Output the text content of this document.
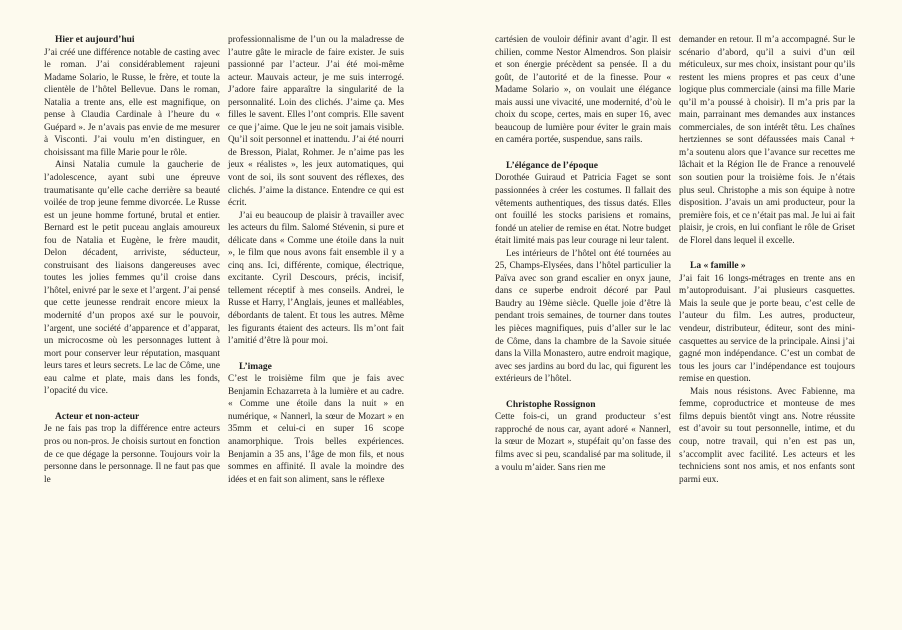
Hier et aujourd’hui

J’ai créé une différence notable de casting avec le roman. J’ai considérablement rajeuni Madame Solario, le Russe, le frère, et toute la clientèle de l’hôtel Bellevue. Dans le roman, Natalia a trente ans, elle est magnifique, on pense à Claudia Cardinale à l’heure du « Guépard ». Je n’avais pas envie de me mesurer à Visconti. J’ai voulu m’en distinguer, en choisissant ma fille Marie pour le rôle.

Ainsi Natalia cumule la gaucherie de l’adolescence, ayant subi une épreuve traumatisante qu’elle cache derrière sa beauté voilée de trop jeune femme divorcée. Le Russe est un jeune homme fortuné, brutal et entier. Bernard est le petit puceau anglais amoureux fou de Natalia et Eugène, le frère maudit, Delon décadent, arriviste, séducteur, construisant des liaisons dangereuses avec toutes les jolies femmes qu’il croise dans l’hôtel, enivré par le sexe et l’argent. J’ai pensé que cette jeunesse rendrait encore mieux la modernité d’un propos axé sur le pouvoir, l’argent, une société d’apparence et d’apparat, un microcosme où les personnages luttent à mort pour conserver leur réputation, masquant leurs tares et leurs secrets. Le lac de Côme, une eau calme et plate, mais dans les fonds, l’opacité du vice.

Acteur et non-acteur

Je ne fais pas trop la différence entre acteurs pros ou non-pros. Je choisis surtout en fonction de ce que dégage la personne. Toujours voir la personne dans le personnage. Il ne faut pas que le

professionnalisme de l’un ou la maladresse de l’autre gâte le miracle de faire exister. Je suis passionné par l’acteur. J’ai été moi-même acteur. Mauvais acteur, je me suis interrogé. J’adore faire apparaître la singularité de la personnalité. Loin des clichés. J’aime ça. Mes filles le savent. Elles l’ont compris. Elle savent ce que j’aime. Que le jeu ne soit jamais visible. Qu’il soit personnel et inattendu. J’ai été nourri de Bresson, Pialat, Rohmer. Je n’aime pas les jeux « réalistes », les jeux automatiques, qui vont de soi, ils sont souvent des réflexes, des clichés. J’aime la distance. Entendre ce qui est écrit.

J’ai eu beaucoup de plaisir à travailler avec les acteurs du film. Salomé Stévenin, si pure et délicate dans « Comme une étoile dans la nuit », le film que nous avons fait ensemble il y a cinq ans. Ici, différente, comique, électrique, excitante. Cyril Descours, précis, incisif, tellement réceptif à mes conseils. Andrei, le Russe et Harry, l’Anglais, jeunes et malléables, débordants de talent. Et tous les autres. Même les figurants étaient des acteurs. Ils m’ont fait l’amitié d’être là pour moi.

L’image

C’est le troisième film que je fais avec Benjamin Echazarreta à la lumière et au cadre. « Comme une étoile dans la nuit » en numérique, « Nannerl, la sœur de Mozart » en 35mm et celui-ci en super 16 scope anamorphique. Trois belles expériences. Benjamin a 35 ans, l’âge de mon fils, et nous sommes en affinité. Il avale la moindre des idées et en fait son aliment, sans le réflexe

cartésien de vouloir définir avant d’agir. Il est chilien, comme Nestor Almendros. Son plaisir et son énergie précèdent sa pensée. Il a du goût, de l’autorité et de la finesse. Pour « Madame Solario », on voulait une élégance mais aussi une vivacité, une modernité, d’où le choix du scope, certes, mais en super 16, avec beaucoup de lumière pour éviter le grain mais en caméra portée, suspendue, sans rails.

L’élégance de l’époque

Dorothée Guiraud et Patricia Faget se sont passionnées à créer les costumes. Il fallait des vêtements authentiques, des tissus datés. Elles ont fouillé les stocks parisiens et romains, fondé un atelier de remise en état. Notre budget était limité mais pas leur courage ni leur talent.

Les intérieurs de l’hôtel ont été tournées au 25, Champs-Elysées, dans l’hôtel particulier la Païva avec son grand escalier en onyx jaune, dans ce superbe endroit décoré par Paul Baudry au 19ème siècle. Quelle joie d’être là pendant trois semaines, de tourner dans toutes les pièces magnifiques, puis d’aller sur le lac de Côme, dans la chambre de la Savoie située dans la Villa Monastero, autre endroit magique, avec ses jardins au bord du lac, qui figurent les extérieurs de l’hôtel.

Christophe Rossignon

Cette fois-ci, un grand producteur s’est rapproché de nous car, ayant adoré « Nannerl, la sœur de Mozart », stupéfait qu’on fasse des films avec si peu, scandalisé par ma solitude, il a voulu m’aider. Sans rien me

demander en retour. Il m’a accompagné. Sur le scénario d’abord, qu’il a suivi d’un œil méticuleux, sur mes choix, insistant pour qu’ils restent les miens propres et pas ceux d’une logique plus commerciale (ainsi ma fille Marie qu’il m’a poussé à choisir). Il m’a pris par la main, parrainant mes demandes aux instances commerciales, de son intérêt têtu. Les chaînes hertziennes se sont défaussées mais Canal + m’a soutenu alors que l’avance sur recettes me lâchait et la Région Ile de France a renouvelé son soutien pour la troisième fois. Je n’étais plus seul. Christophe a mis son équipe à notre disposition. J’avais un ami producteur, pour la première fois, et ce n’était pas mal. Je lui ai fait plaisir, je crois, en lui confiant le rôle de Griset de Florel dans lequel il excelle.

La « famille »

J’ai fait 16 longs-métrages en trente ans en m’autoproduisant. J’ai plusieurs casquettes. Mais la seule que je porte beau, c’est celle de l’auteur du film. Les autres, producteur, vendeur, distributeur, éditeur, sont des mini-casquettes au service de la principale. Ainsi j’ai gagné mon indépendance. C’est un combat de tous les jours car l’indépendance est toujours remise en question.

Mais nous résistons. Avec Fabienne, ma femme, coproductrice et monteuse de mes films depuis bientôt vingt ans. Notre réussite est d’avoir su tout personnelle, intime, et du coup, notre travail, qui n’en est pas un, s’accomplit avec facilité. Les acteurs et les techniciens sont nos amis, et nos enfants sont parmi eux.
